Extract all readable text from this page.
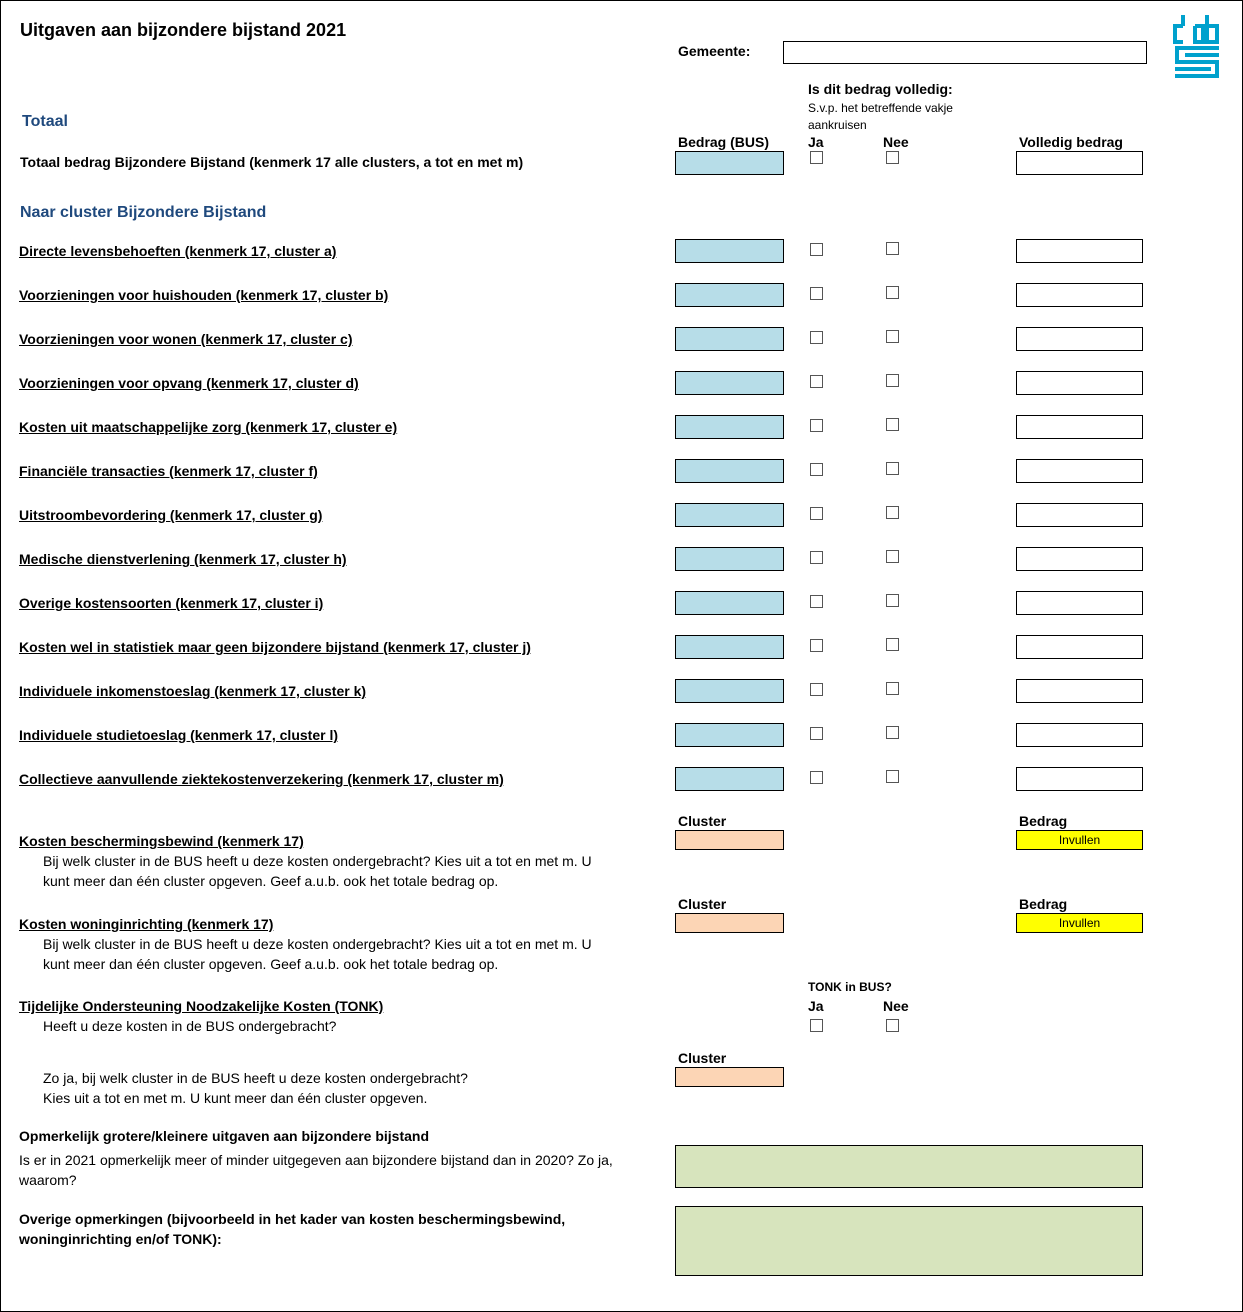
Uitgaven aan bijzondere bijstand 2021
Gemeente:
Is dit bedrag volledig:
S.v.p. het betreffende vakje
aankruisen
Totaal
Bedrag (BUS)	Ja	Nee	Volledig bedrag
Totaal bedrag Bijzondere Bijstand (kenmerk 17 alle clusters, a tot en met m)
Naar cluster Bijzondere Bijstand
Directe levensbehoeften (kenmerk 17, cluster a)
Voorzieningen voor huishouden (kenmerk 17, cluster b)
Voorzieningen voor wonen (kenmerk 17, cluster c)
Voorzieningen voor opvang (kenmerk 17, cluster d)
Kosten uit maatschappelijke zorg (kenmerk 17, cluster e)
Financiële transacties (kenmerk 17, cluster f)
Uitstroombevordering (kenmerk 17, cluster g)
Medische dienstverlening (kenmerk 17, cluster h)
Overige kostensoorten (kenmerk 17, cluster i)
Kosten wel in statistiek maar geen bijzondere bijstand (kenmerk 17, cluster j)
Individuele inkomenstoeslag (kenmerk 17, cluster k)
Individuele studietoeslag (kenmerk 17, cluster l)
Collectieve aanvullende ziektekostenverzekering (kenmerk 17, cluster m)
Cluster	Bedrag
Kosten beschermingsbewind (kenmerk 17)	Invullen
Bij welk cluster in de BUS heeft u deze kosten ondergebracht? Kies uit a tot en met m. U
kunt meer dan één cluster opgeven. Geef a.u.b. ook het totale bedrag op.
Cluster	Bedrag
Kosten woninginrichting (kenmerk 17)	Invullen
Bij welk cluster in de BUS heeft u deze kosten ondergebracht? Kies uit a tot en met m. U
kunt meer dan één cluster opgeven. Geef a.u.b. ook het totale bedrag op.
TONK in BUS?
Ja	Nee
Tijdelijke Ondersteuning Noodzakelijke Kosten (TONK)
Heeft u deze kosten in de BUS ondergebracht?
Cluster
Zo ja, bij welk cluster in de BUS heeft u deze kosten ondergebracht?
Kies uit a tot en met m. U kunt meer dan één cluster opgeven.
Opmerkelijk grotere/kleinere uitgaven aan bijzondere bijstand
Is er in 2021 opmerkelijk meer of minder uitgegeven aan bijzondere bijstand dan in 2020? Zo ja,
waarom?
Overige opmerkingen (bijvoorbeeld in het kader van kosten beschermingsbewind,
woninginrichting en/of TONK):
